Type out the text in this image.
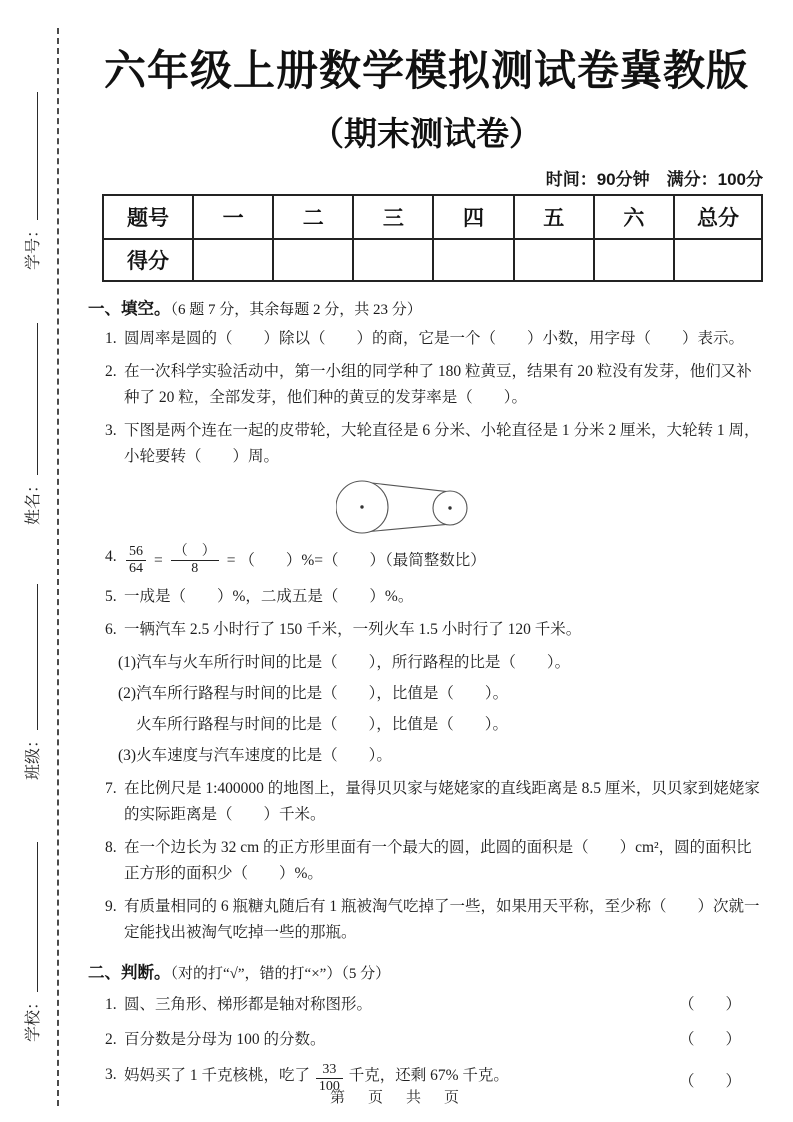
学号：
姓名：
班级：
学校：
六年级上册数学模拟测试卷冀教版
（期末测试卷）
时间：90分钟　满分：100分
题号	一	二	三	四	五	六	总分
得分							
一、填空。（6 题 7 分，其余每题 2 分，共 23 分）
1. 圆周率是圆的（　　）除以（　　）的商，它是一个（　　）小数，用字母（　　）表示。
2. 在一次科学实验活动中，第一小组的同学种了 180 粒黄豆，结果有 20 粒没有发芽，他们又补种了 20 粒，全部发芽，他们种的黄豆的发芽率是（　　）。
3. 下图是两个连在一起的皮带轮，大轮直径是 6 分米、小轮直径是 1 分米 2 厘米，大轮转 1 周，小轮要转（　　）周。
4. $\frac{56}{64} = \frac{( )}{8}$ = （　　）%=（　　）（最简整数比）
5. 一成是（　　）%，二成五是（　　）%。
6. 一辆汽车 2.5 小时行了 150 千米，一列火车 1.5 小时行了 120 千米。
(1)汽车与火车所行时间的比是（　　），所行路程的比是（　　）。
(2)汽车所行路程与时间的比是（　　），比值是（　　）。
火车所行路程与时间的比是（　　），比值是（　　）。
(3)火车速度与汽车速度的比是（　　）。
7. 在比例尺是 1:400000 的地图上，量得贝贝家与姥姥家的直线距离是 8.5 厘米，贝贝家到姥姥家的实际距离是（　　）千米。
8. 在一个边长为 32 cm 的正方形里面有一个最大的圆，此圆的面积是（　　）cm²，圆的面积比正方形的面积少（　　）%。
9. 有质量相同的 6 瓶糖丸随后有 1 瓶被淘气吃掉了一些，如果用天平称，至少称（　　）次就一定能找出被淘气吃掉一些的那瓶。
二、判断。（对的打“√”，错的打“×”）（5 分）
1. 圆、三角形、梯形都是轴对称图形。	（　　）
2. 百分数是分母为 100 的分数。	（　　）
3. 妈妈买了 1 千克核桃，吃了 $\frac{33}{100}$ 千克，还剩 67% 千克。	（　　）
第　页　共　页
